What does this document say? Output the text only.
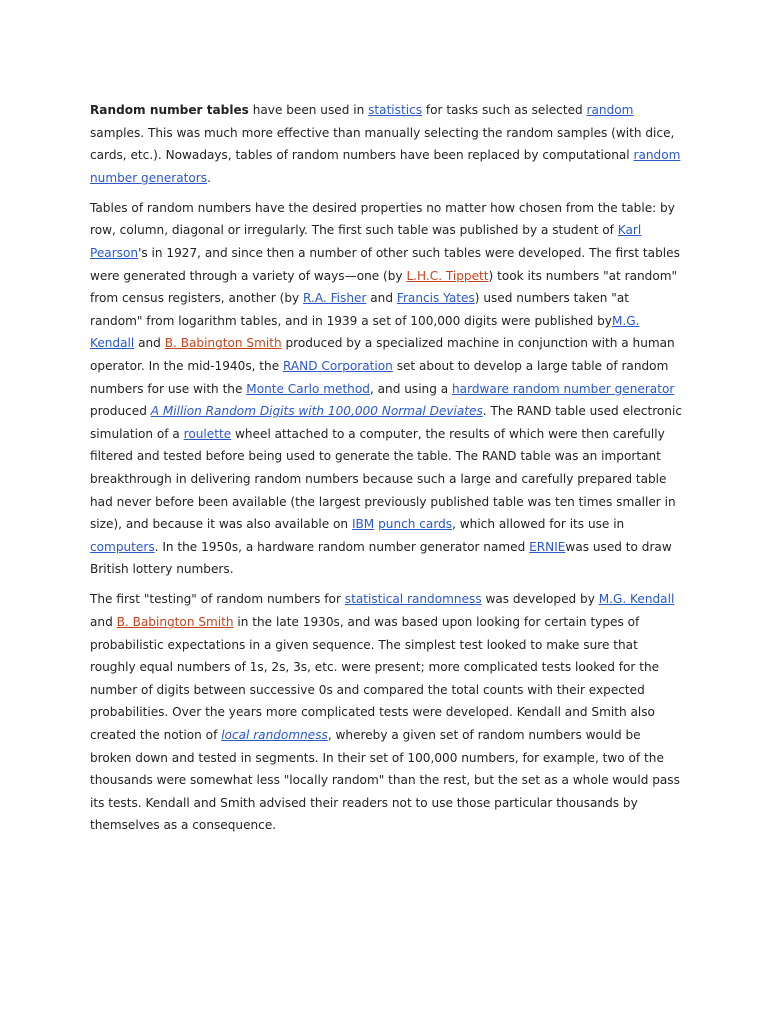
Random number tables have been used in statistics for tasks such as selected random samples. This was much more effective than manually selecting the random samples (with dice, cards, etc.). Nowadays, tables of random numbers have been replaced by computational random number generators.

Tables of random numbers have the desired properties no matter how chosen from the table: by row, column, diagonal or irregularly. The first such table was published by a student of Karl Pearson's in 1927, and since then a number of other such tables were developed. The first tables were generated through a variety of ways—one (by L.H.C. Tippett) took its numbers "at random" from census registers, another (by R.A. Fisher and Francis Yates) used numbers taken "at random" from logarithm tables, and in 1939 a set of 100,000 digits were published byM.G. Kendall and B. Babington Smith produced by a specialized machine in conjunction with a human operator. In the mid-1940s, the RAND Corporation set about to develop a large table of random numbers for use with the Monte Carlo method, and using a hardware random number generator produced A Million Random Digits with 100,000 Normal Deviates. The RAND table used electronic simulation of a roulette wheel attached to a computer, the results of which were then carefully filtered and tested before being used to generate the table. The RAND table was an important breakthrough in delivering random numbers because such a large and carefully prepared table had never before been available (the largest previously published table was ten times smaller in size), and because it was also available on IBM punch cards, which allowed for its use in computers. In the 1950s, a hardware random number generator named ERNIEwas used to draw British lottery numbers.

The first "testing" of random numbers for statistical randomness was developed by M.G. Kendall and B. Babington Smith in the late 1930s, and was based upon looking for certain types of probabilistic expectations in a given sequence. The simplest test looked to make sure that roughly equal numbers of 1s, 2s, 3s, etc. were present; more complicated tests looked for the number of digits between successive 0s and compared the total counts with their expected probabilities. Over the years more complicated tests were developed. Kendall and Smith also created the notion of local randomness, whereby a given set of random numbers would be broken down and tested in segments. In their set of 100,000 numbers, for example, two of the thousands were somewhat less "locally random" than the rest, but the set as a whole would pass its tests. Kendall and Smith advised their readers not to use those particular thousands by themselves as a consequence.
